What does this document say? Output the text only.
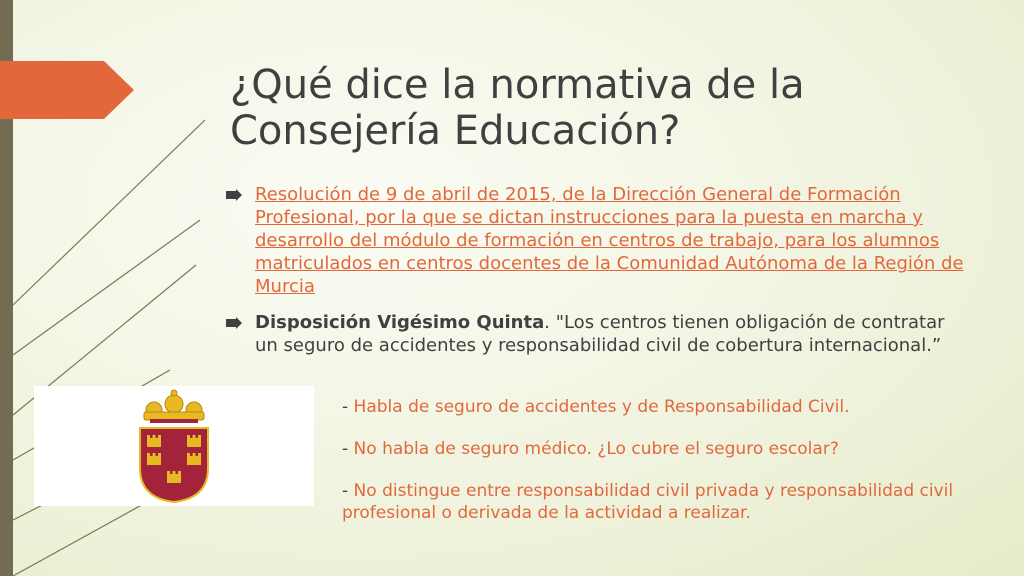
¿Qué dice la normativa de la
Consejería Educación?
Resolución de 9 de abril de 2015, de la Dirección General de Formación Profesional, por la que se dictan instrucciones para la puesta en marcha y desarrollo del módulo de formación en centros de trabajo, para los alumnos matriculados en centros docentes de la Comunidad Autónoma de la Región de Murcia
Disposición Vigésimo Quinta. "Los centros tienen obligación de contratar un seguro de accidentes y responsabilidad civil de cobertura internacional.”

- Habla de seguro de accidentes y de Responsabilidad Civil.

- No habla de seguro médico. ¿Lo cubre el seguro escolar?

- No distingue entre responsabilidad civil privada y responsabilidad civil profesional o derivada de la actividad a realizar.
